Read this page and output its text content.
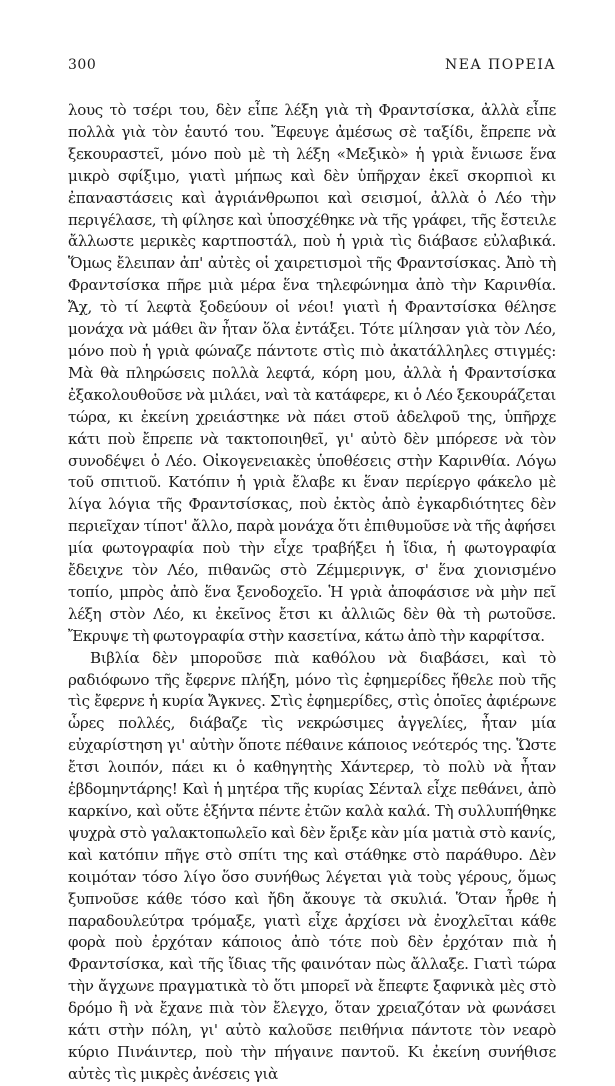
300	ΝΕΑ ΠΟΡΕΙΑ

λους τὸ τσέρι του, δὲν εἶπε λέξη γιὰ τὴ Φραντσίσκα, ἀλλὰ εἶπε πολλὰ γιὰ τὸν ἑαυτό του. Ἔφευγε ἀμέσως σὲ ταξίδι, ἔπρεπε νὰ ξεκουραστεῖ, μόνο ποὺ μὲ τὴ λέξη «Μεξικὸ» ἡ γριὰ ἔνιωσε ἕνα μικρὸ σφίξιμο, γιατὶ μήπως καὶ δὲν ὑπῆρχαν ἐκεῖ σκορπιοὶ κι ἐπαναστάσεις καὶ ἀγριάνθρωποι καὶ σεισμοί, ἀλλὰ ὁ Λέο τὴν περιγέλασε, τὴ φίλησε καὶ ὑποσχέθηκε νὰ τῆς γράφει, τῆς ἔστειλε ἄλλωστε μερικὲς καρτποστάλ, ποὺ ἡ γριὰ τὶς διάβασε εὐλαβικά. Ὅμως ἔλειπαν ἀπ' αὐτὲς οἱ χαιρετισμοὶ τῆς Φραντσίσκας. Ἀπὸ τὴ Φραντσίσκα πῆρε μιὰ μέρα ἕνα τηλεφώνημα ἀπὸ τὴν Καρινθία. Ἄχ, τὸ τί λεφτὰ ξοδεύουν οἱ νέοι! γιατὶ ἡ Φραντσίσκα θέλησε μονάχα νὰ μάθει ἂν ἦταν ὅλα ἐντάξει. Τότε μίλησαν γιὰ τὸν Λέο, μόνο ποὺ ἡ γριὰ φώναζε πάντοτε στὶς πιὸ ἀκατάλληλες στιγμές: Μὰ θὰ πληρώσεις πολλὰ λεφτά, κόρη μου, ἀλλὰ ἡ Φραντσίσκα ἐξακολουθοῦσε νὰ μιλάει, ναὶ τὰ κατάφερε, κι ὁ Λέο ξεκουράζεται τώρα, κι ἐκείνη χρειάστηκε νὰ πάει στοῦ ἀδελφοῦ της, ὑπῆρχε κάτι ποὺ ἔπρεπε νὰ τακτοποιηθεῖ, γι' αὐτὸ δὲν μπόρεσε νὰ τὸν συνοδέψει ὁ Λέο. Οἰκογενειακὲς ὑποθέσεις στὴν Καρινθία. Λόγω τοῦ σπιτιοῦ. Κατόπιν ἡ γριὰ ἔλαβε κι ἕναν περίεργο φάκελο μὲ λίγα λόγια τῆς Φραντσίσκας, ποὺ ἐκτὸς ἀπὸ ἐγκαρδιότητες δὲν περιεῖχαν τίποτ' ἄλλο, παρὰ μονάχα ὅτι ἐπιθυμοῦσε νὰ τῆς ἀφήσει μία φωτογραφία ποὺ τὴν εἶχε τραβήξει ἡ ἴδια, ἡ φωτογραφία ἔδειχνε τὸν Λέο, πιθανῶς στὸ Ζέμμερινγκ, σ' ἕνα χιονισμένο τοπίο, μπρὸς ἀπὸ ἕνα ξενοδοχεῖο. Ἡ γριὰ ἀποφάσισε νὰ μὴν πεῖ λέξη στὸν Λέο, κι ἐκεῖνος ἔτσι κι ἀλλιῶς δὲν θὰ τὴ ρωτοῦσε. Ἔκρυψε τὴ φωτογραφία στὴν κασετίνα, κάτω ἀπὸ τὴν καρφίτσα.

Βιβλία δὲν μποροῦσε πιὰ καθόλου νὰ διαβάσει, καὶ τὸ ραδιόφωνο τῆς ἔφερνε πλήξη, μόνο τὶς ἐφημερίδες ἤθελε ποὺ τῆς τὶς ἔφερνε ἡ κυρία Ἄγκνες. Στὶς ἐφημερίδες, στὶς ὁποῖες ἀφιέρωνε ὧρες πολλές, διάβαζε τὶς νεκρώσιμες ἀγγελίες, ἦταν μία εὐχαρίστηση γι' αὐτὴν ὅποτε πέθαινε κάποιος νεότερός της. Ὥστε ἔτσι λοιπόν, πάει κι ὁ καθηγητὴς Χάντερερ, τὸ πολὺ νὰ ἦταν ἑβδομηντάρης! Καὶ ἡ μητέρα τῆς κυρίας Σένταλ εἶχε πεθάνει, ἀπὸ καρκίνο, καὶ οὔτε ἑξήντα πέντε ἐτῶν καλὰ καλά. Τὴ συλλυπήθηκε ψυχρὰ στὸ γαλακτοπωλεῖο καὶ δὲν ἔριξε κὰν μία ματιὰ στὸ κανίς, καὶ κατόπιν πῆγε στὸ σπίτι της καὶ στάθηκε στὸ παράθυρο. Δὲν κοιμόταν τόσο λίγο ὅσο συνήθως λέγεται γιὰ τοὺς γέρους, ὅμως ξυπνοῦσε κάθε τόσο καὶ ἤδη ἄκουγε τὰ σκυλιά. Ὅταν ἦρθε ἡ παραδουλεύτρα τρόμαξε, γιατὶ εἶχε ἀρχίσει νὰ ἐνοχλεῖται κάθε φορὰ ποὺ ἐρχόταν κάποιος ἀπὸ τότε ποὺ δὲν ἐρχόταν πιὰ ἡ Φραντσίσκα, καὶ τῆς ἴδιας τῆς φαινόταν πὼς ἄλλαξε. Γιατὶ τώρα τὴν ἄγχωνε πραγματικὰ τὸ ὅτι μπορεῖ νὰ ἔπεφτε ξαφνικὰ μὲς στὸ δρόμο ἢ νὰ ἔχανε πιὰ τὸν ἔλεγχο, ὅταν χρειαζόταν νὰ φωνάσει κάτι στὴν πόλη, γι' αὐτὸ καλοῦσε πειθήνια πάντοτε τὸν νεαρὸ κύριο Πινάιντερ, ποὺ τὴν πήγαινε παντοῦ. Κι ἐκείνη συνήθισε αὐτὲς τὶς μικρὲς ἀνέσεις γιὰ
